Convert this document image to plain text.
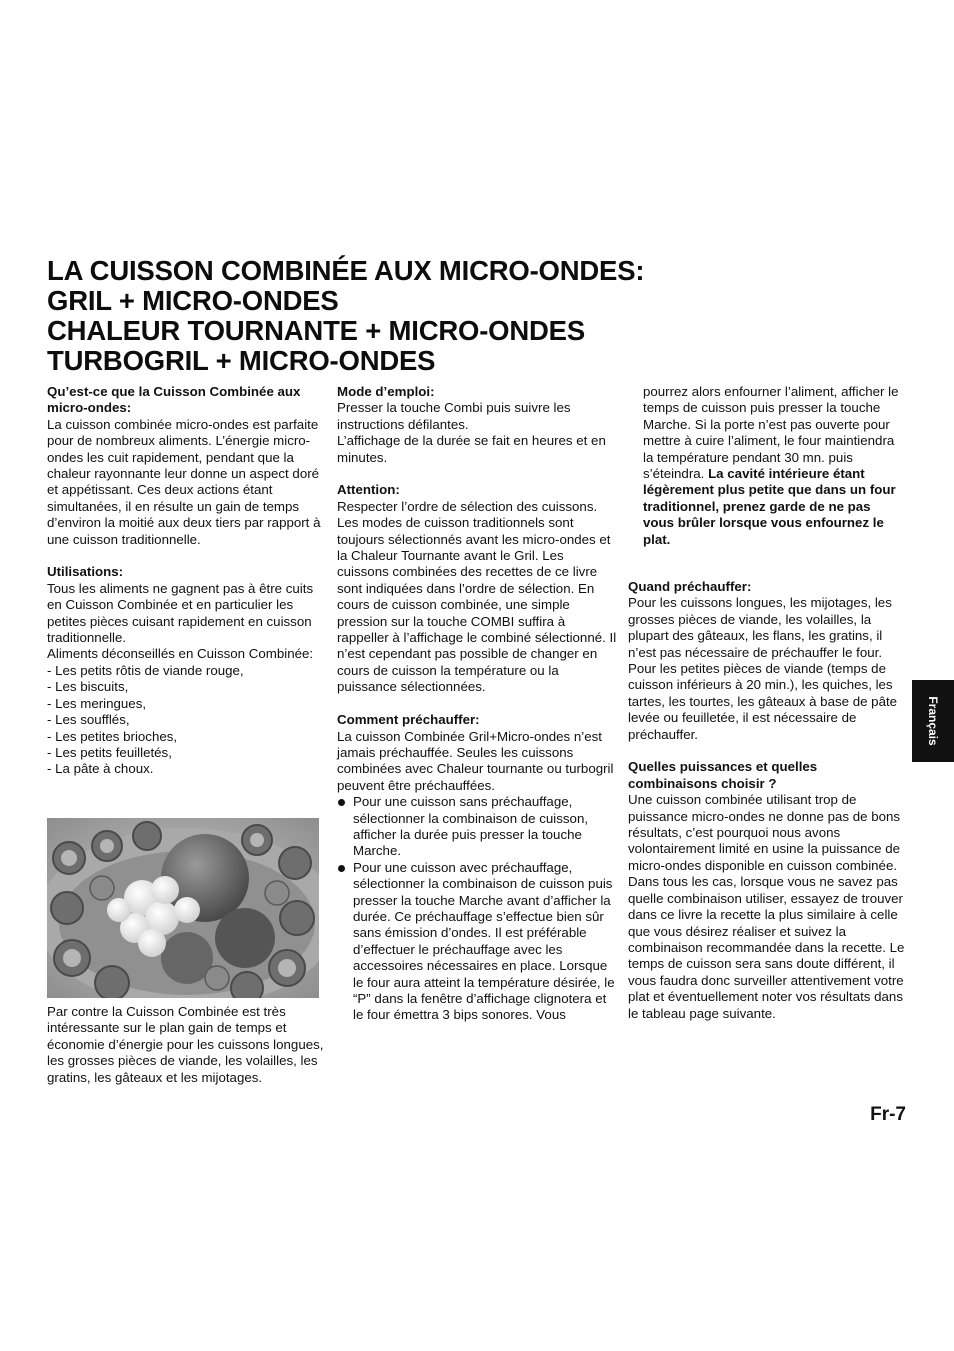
LA CUISSON COMBINÉE AUX MICRO-ONDES:
GRIL + MICRO-ONDES
CHALEUR TOURNANTE + MICRO-ONDES
TURBOGRIL + MICRO-ONDES

Qu’est-ce que la Cuisson Combinée aux micro-ondes:

La cuisson combinée micro-ondes est parfaite pour de nombreux aliments. L’énergie micro-ondes les cuit rapidement, pendant que la chaleur rayonnante leur donne un aspect doré et appétissant. Ces deux actions étant simultanées, il en résulte un gain de temps d’environ la moitié aux deux tiers par rapport à une cuisson traditionnelle.

Utilisations:

Tous les aliments ne gagnent pas à être cuits en Cuisson Combinée et en particulier les petites pièces cuisant rapidement en cuisson traditionnelle.

Aliments déconseillés en Cuisson Combinée:

- Les petits rôtis de viande rouge,

- Les biscuits,

- Les meringues,

- Les soufflés,

- Les petites brioches,

- Les petits feuilletés,

- La pâte à choux.

Par contre la Cuisson Combinée est très intéressante sur le plan gain de temps et économie d’énergie pour les cuissons longues, les grosses pièces de viande, les volailles, les gratins, les gâteaux et les mijotages.

Mode d’emploi:

Presser la touche Combi puis suivre les instructions défilantes.

L’affichage de la durée se fait en heures et en minutes.

Attention:

Respecter l’ordre de sélection des cuissons. Les modes de cuisson traditionnels sont toujours sélectionnés avant les micro-ondes et la Chaleur Tournante avant le Gril. Les cuissons combinées des recettes de ce livre sont indiquées dans l’ordre de sélection. En cours de cuisson combinée, une simple pression sur la touche COMBI suffira à rappeller à l’affichage le combiné sélectionné. Il n’est cependant pas possible de changer en cours de cuisson la température ou la puissance sélectionnées.

Comment préchauffer:

La cuisson Combinée Gril+Micro-ondes n’est jamais préchauffée. Seules les cuissons combinées avec Chaleur tournante ou turbogril peuvent être préchauffées.

Pour une cuisson sans préchauffage, sélectionner la combinaison de cuisson, afficher la durée puis presser la touche Marche.
Pour une cuisson avec préchauffage, sélectionner la combinaison de cuisson puis presser la touche Marche avant d’afficher la durée. Ce préchauffage s’effectue bien sûr sans émission d’ondes. Il est préférable d’effectuer le préchauffage avec les accessoires nécessaires en place. Lorsque le four aura atteint la température désirée, le “P” dans la fenêtre d’affichage clignotera et le four émettra 3 bips sonores. Vous

pourrez alors enfourner l’aliment, afficher le temps de cuisson puis presser la touche Marche. Si la porte n’est pas ouverte pour mettre à cuire l’aliment, le four maintiendra la température pendant 30 mn. puis s’éteindra. La cavité intérieure étant légèrement plus petite que dans un four traditionnel, prenez garde de ne pas vous brûler lorsque vous enfournez le plat.

Quand préchauffer:

Pour les cuissons longues, les mijotages, les grosses pièces de viande, les volailles, la plupart des gâteaux, les flans, les gratins, il n’est pas nécessaire de préchauffer le four. Pour les petites pièces de viande (temps de cuisson inférieurs à 20 min.), les quiches, les tartes, les tourtes, les gâteaux à base de pâte levée ou feuilletée, il est nécessaire de préchauffer.

Quelles puissances et quelles combinaisons choisir ?

Une cuisson combinée utilisant trop de puissance micro-ondes ne donne pas de bons résultats, c’est pourquoi nous avons volontairement limité en usine la puissance de micro-ondes disponible en cuisson combinée. Dans tous les cas, lorsque vous ne savez pas quelle combinaison utiliser, essayez de trouver dans ce livre la recette la plus similaire à celle que vous désirez réaliser et suivez la combinaison recommandée dans la recette. Le temps de cuisson sera sans doute différent, il vous faudra donc surveiller attentivement votre plat et éventuellement noter vos résultats dans le tableau page suivante.

Français
Fr-7
